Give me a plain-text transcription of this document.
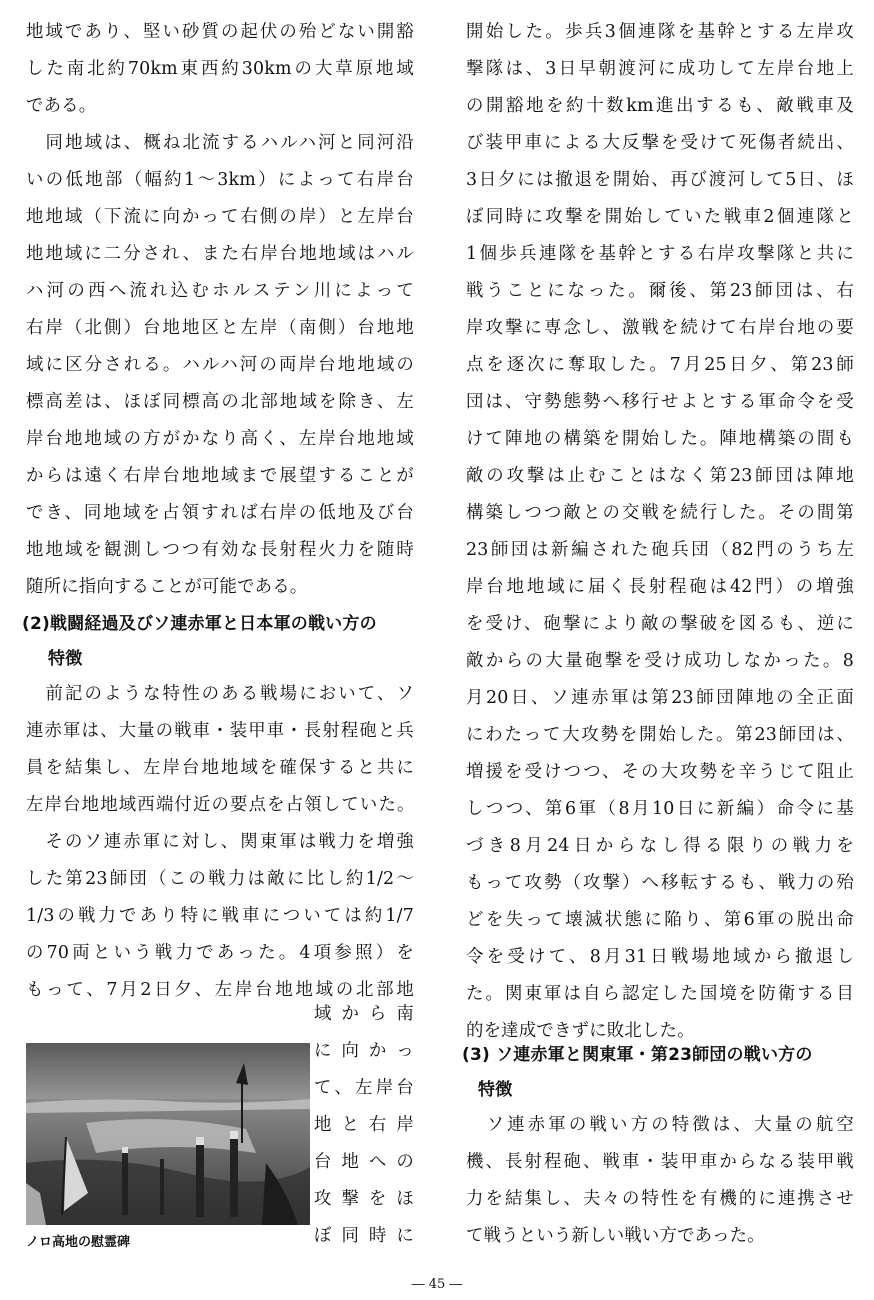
地域であり、堅い砂質の起伏の殆どない開豁
した南北約70km東西約30kmの大草原地域
である。
　同地域は、概ね北流するハルハ河と同河沿
いの低地部（幅約1～3km）によって右岸台
地地域（下流に向かって右側の岸）と左岸台
地地域に二分され、また右岸台地地域はハル
ハ河の西へ流れ込むホルステン川によって
右岸（北側）台地地区と左岸（南側）台地地
域に区分される。ハルハ河の両岸台地地域の
標高差は、ほぼ同標高の北部地域を除き、左
岸台地地域の方がかなり高く、左岸台地地域
からは遠く右岸台地地域まで展望することが
でき、同地域を占領すれば右岸の低地及び台
地地域を観測しつつ有効な長射程火力を随時
随所に指向することが可能である。
(2)戦闘経過及びソ連赤軍と日本軍の戦い方の
特徴
　前記のような特性のある戦場において、ソ
連赤軍は、大量の戦車・装甲車・長射程砲と兵
員を結集し、左岸台地地域を確保すると共に
左岸台地地域西端付近の要点を占領していた。
　そのソ連赤軍に対し、関東軍は戦力を増強
した第23師団（この戦力は敵に比し約1/2～
1/3の戦力であり特に戦車については約1/7
の70両という戦力であった。4項参照）を
もって、7月2日夕、左岸台地地域の北部地
域から南
に向かっ
て、左岸台
地と右岸
台地への
攻撃をほ
ぼ同時に
ノロ高地の慰霊碑
開始した。歩兵3個連隊を基幹とする左岸攻
撃隊は、3日早朝渡河に成功して左岸台地上
の開豁地を約十数km進出するも、敵戦車及
び装甲車による大反撃を受けて死傷者続出、
3日夕には撤退を開始、再び渡河して5日、ほ
ぼ同時に攻撃を開始していた戦車2個連隊と
1個歩兵連隊を基幹とする右岸攻撃隊と共に
戦うことになった。爾後、第23師団は、右
岸攻撃に専念し、激戦を続けて右岸台地の要
点を逐次に奪取した。7月25日夕、第23師
団は、守勢態勢へ移行せよとする軍命令を受
けて陣地の構築を開始した。陣地構築の間も
敵の攻撃は止むことはなく第23師団は陣地
構築しつつ敵との交戦を続行した。その間第
23師団は新編された砲兵団（82門のうち左
岸台地地域に届く長射程砲は42門）の増強
を受け、砲撃により敵の撃破を図るも、逆に
敵からの大量砲撃を受け成功しなかった。8
月20日、ソ連赤軍は第23師団陣地の全正面
にわたって大攻勢を開始した。第23師団は、
増援を受けつつ、その大攻勢を辛うじて阻止
しつつ、第6軍（8月10日に新編）命令に基
づき8月24日からなし得る限りの戦力を
もって攻勢（攻撃）へ移転するも、戦力の殆
どを失って壊滅状態に陥り、第6軍の脱出命
令を受けて、8月31日戦場地域から撤退し
た。関東軍は自ら認定した国境を防衛する目
的を達成できずに敗北した。
(3) ソ連赤軍と関東軍・第23師団の戦い方の
特徴
　ソ連赤軍の戦い方の特徴は、大量の航空
機、長射程砲、戦車・装甲車からなる装甲戦
力を結集し、夫々の特性を有機的に連携させ
て戦うという新しい戦い方であった。
― 45 ―
